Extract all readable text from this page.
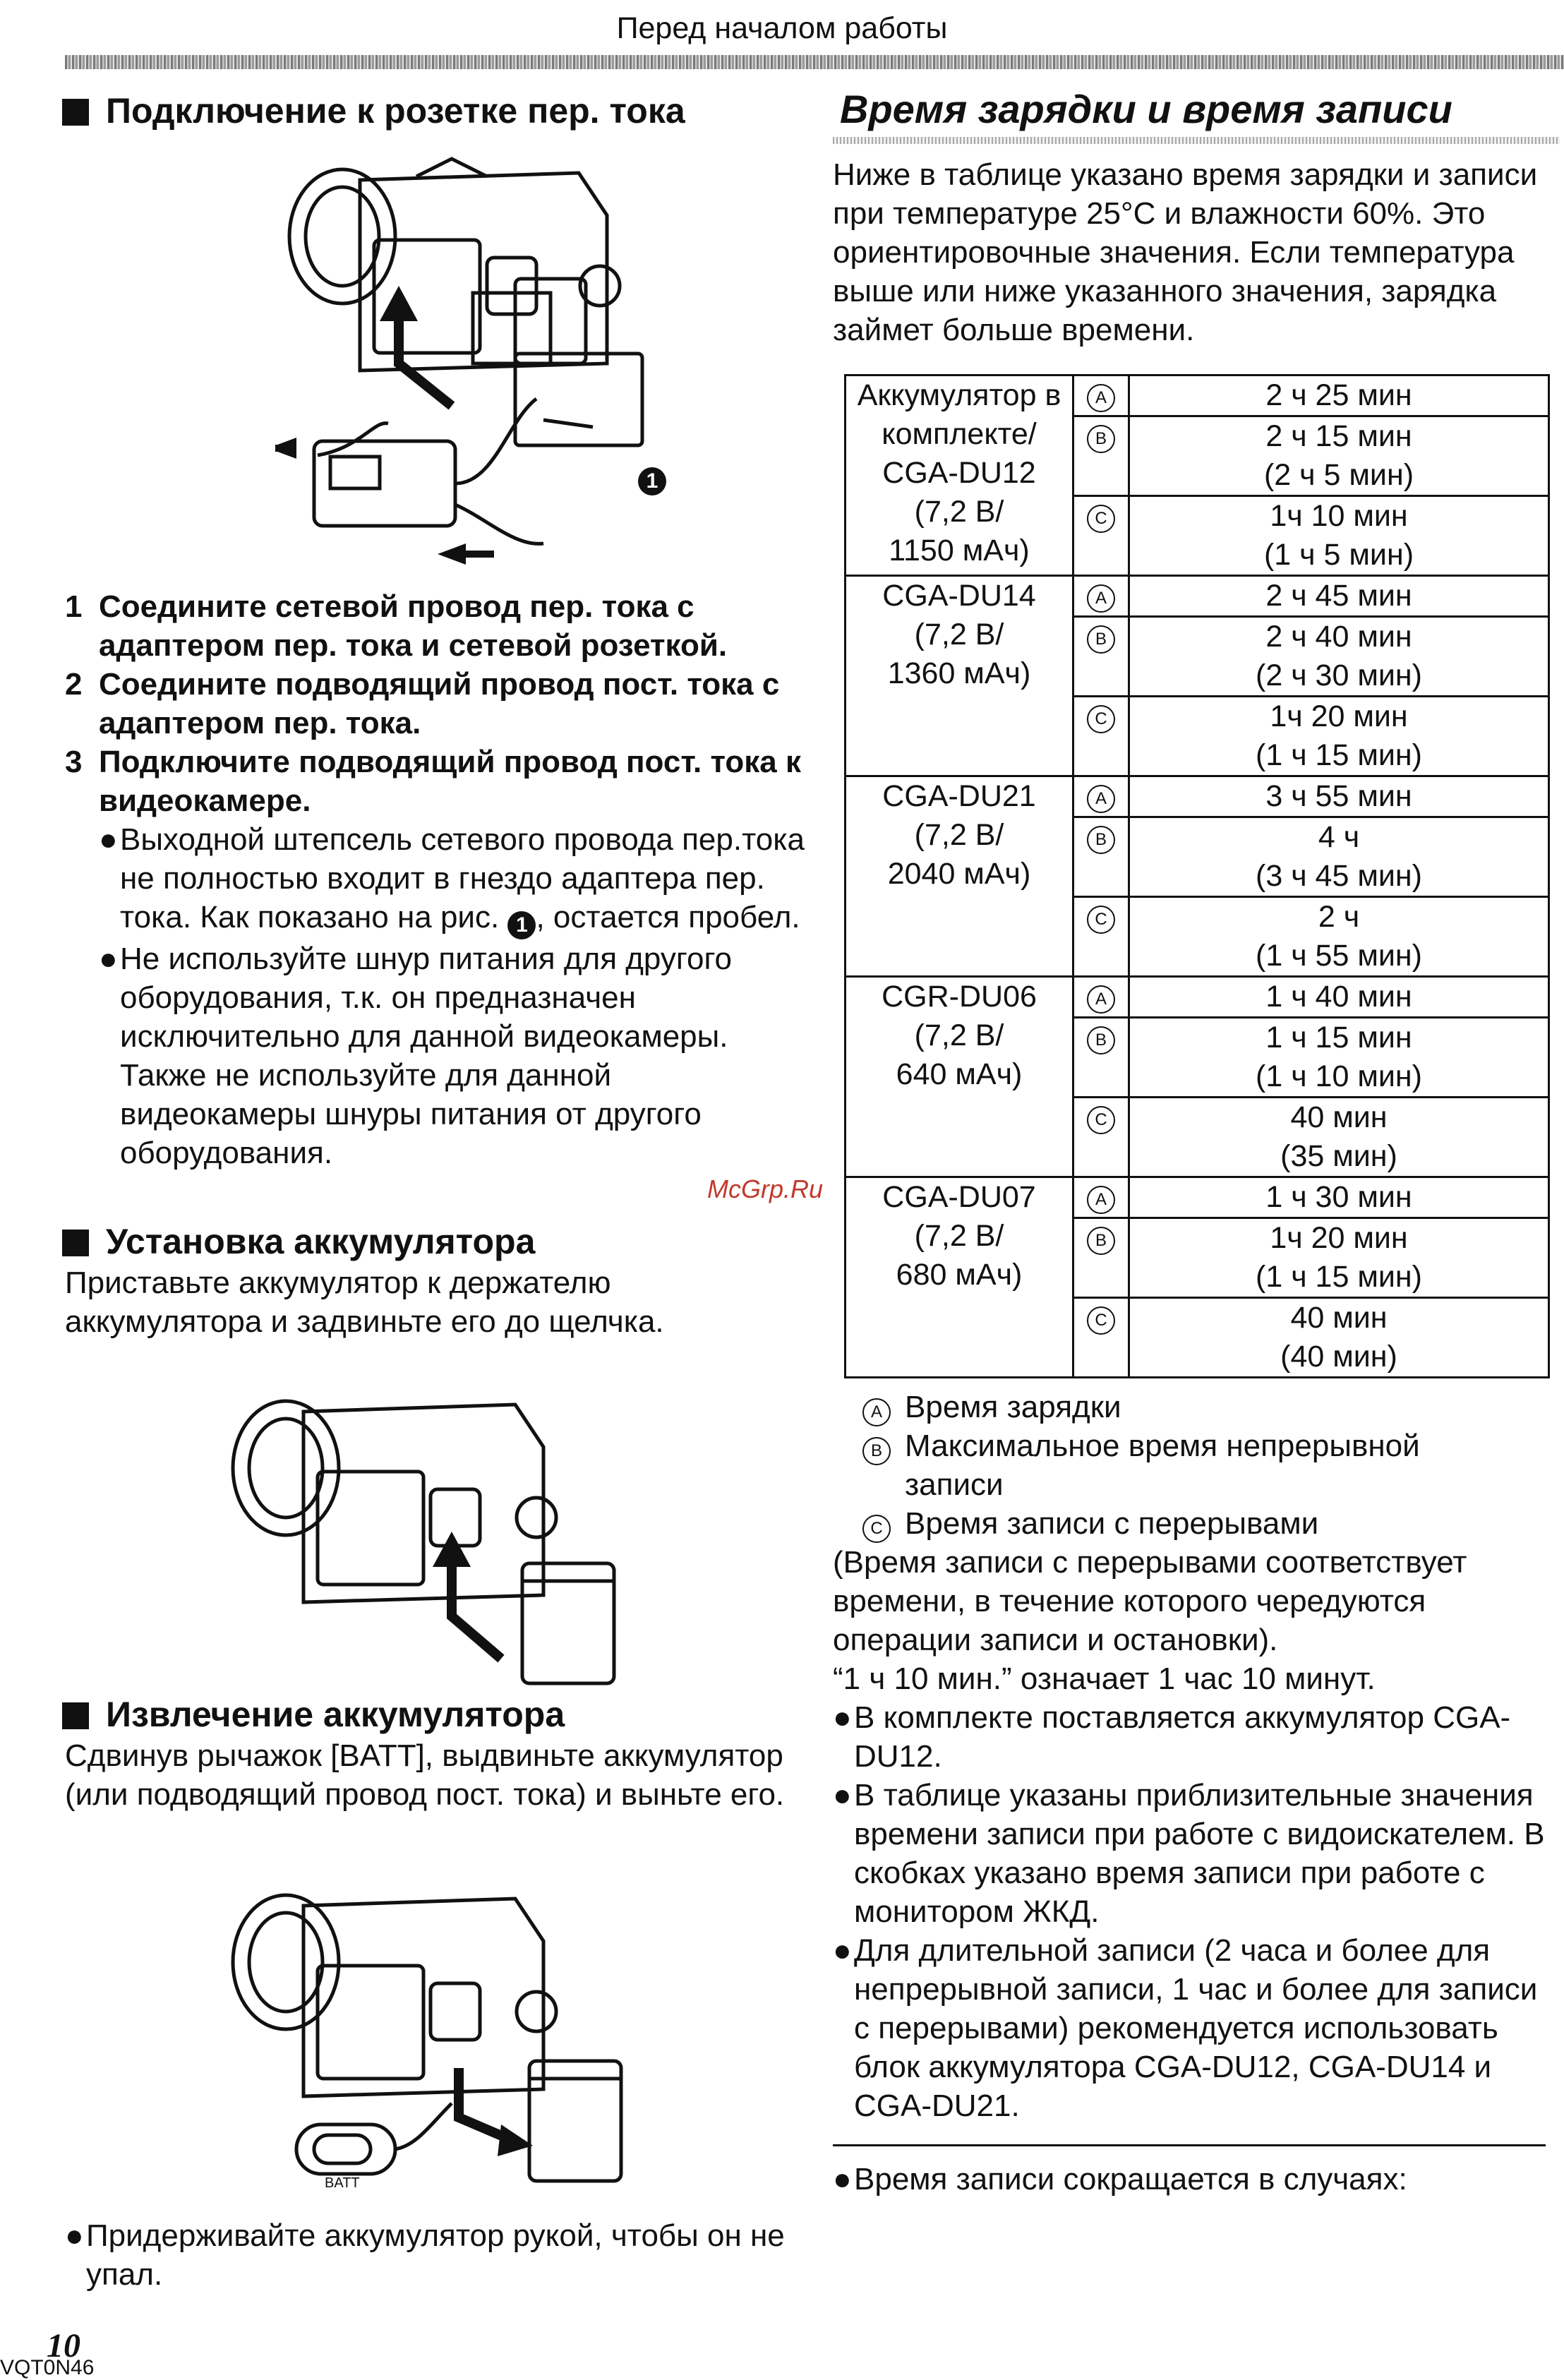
Перед началом работы
Подключение к розетке пер. тока
1
1 Соедините сетевой провод пер. тока с адаптером пер. тока и сетевой розеткой.
2 Соедините подводящий провод пост. тока с адаптером пер. тока.
3 Подключите подводящий провод пост. тока к видеокамере.
● Выходной штепсель сетевого провода пер.тока не полностью входит в гнездо адаптера пер. тока. Как показано на рис. 1 , остается пробел.
● Не используйте шнур питания для другого оборудования, т.к. он предназначен исключительно для данной видеокамеры. Также не используйте для данной видеокамеры шнуры питания от другого оборудования.
Установка аккумулятора
Приставьте аккумулятор к держателю аккумулятора и задвиньте его до щелчка.
Извлечение аккумулятора
Сдвинув рычажок [BATT], выдвиньте аккумулятор (или подводящий провод пост. тока) и выньте его.
BATT
● Придерживайте аккумулятор рукой, чтобы он не упал.
Время зарядки и время записи
Ниже в таблице указано время зарядки и записи при температуре 25°C и влажности 60%. Это ориентировочные значения. Если температура выше или ниже указанного значения, зарядка займет больше времени.
Аккумулятор в
комплекте/
CGA-DU12
(7,2 В/
1150 мАч)	A	2 ч 25 мин

	B	2 ч 15 мин
(2 ч 5 мин)

	C	1ч 10 мин
(1 ч 5 мин)

CGA-DU14
(7,2 В/
1360 мАч)	A	2 ч 45 мин

	B	2 ч 40 мин
(2 ч 30 мин)

	C	1ч 20 мин
(1 ч 15 мин)

CGA-DU21
(7,2 В/
2040 мАч)	A	3 ч 55 мин

	B	4 ч
(3 ч 45 мин)

	C	2 ч
(1 ч 55 мин)

CGR-DU06
(7,2 В/
640 мАч)	A	1 ч 40 мин

	B	1 ч 15 мин
(1 ч 10 мин)

	C	40 мин
(35 мин)

CGA-DU07
(7,2 В/
680 мАч)	A	1 ч 30 мин

	B	1ч 20 мин
(1 ч 15 мин)

	C	40 мин
(40 мин)
A Время зарядки
B Максимальное время непрерывной записи
C Время записи с перерывами
(Время записи с перерывами соответствует времени, в течение которого чередуются операции записи и остановки).
“1 ч 10 мин.” означает 1 час 10 минут.
● В комплекте поставляется аккумулятор CGA-DU12.
● В таблице указаны приблизительные значения времени записи при работе с видоискателем. В скобках указано время записи при работе с монитором ЖКД.
● Для длительной записи (2 часа и более для непрерывной записи, 1 час и более для записи с перерывами) рекомендуется использовать блок аккумулятора CGA-DU12, CGA-DU14 и CGA-DU21.
● Время записи сокращается в случаях:
McGrp.Ru
10
VQT0N46
